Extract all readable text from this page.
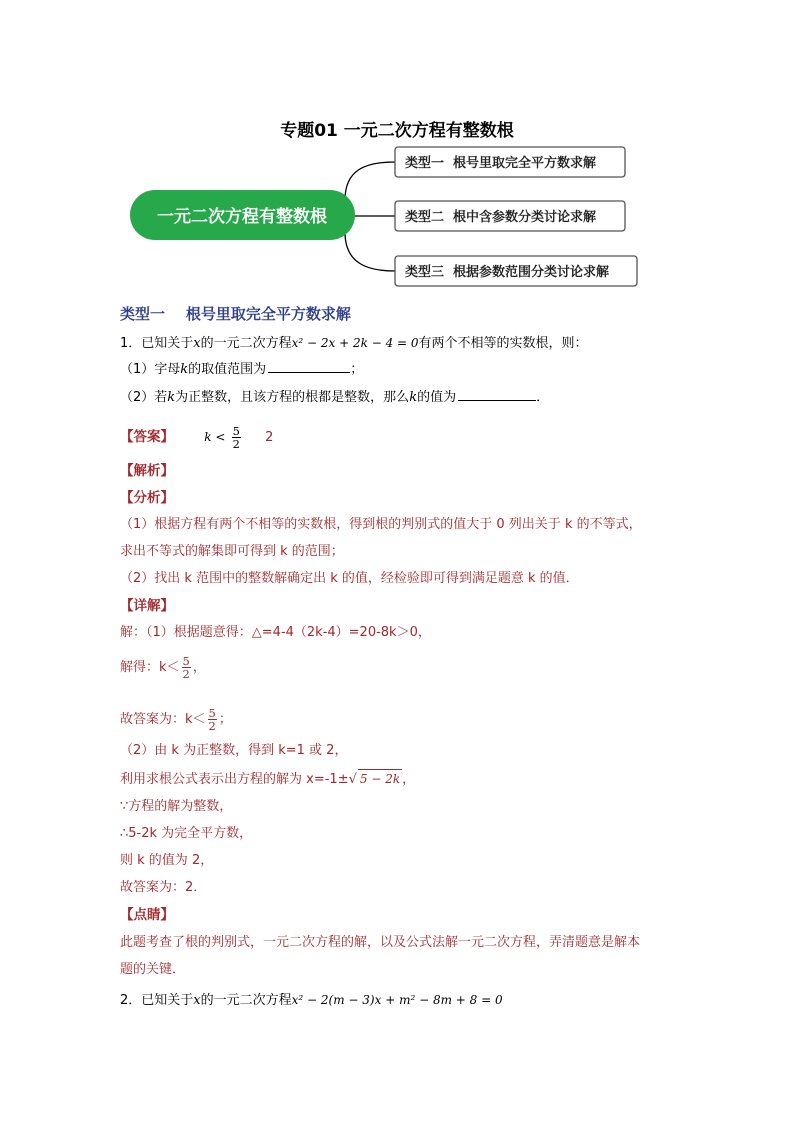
专题01 一元二次方程有整数根
一元二次方程有整数根
类型一  根号里取完全平方数求解
类型二  根中含参数分类讨论求解
类型三  根据参数范围分类讨论求解
类型一    根号里取完全平方数求解
1．已知关于x的一元二次方程x² − 2x + 2k − 4 = 0有两个不相等的实数根，则：
（1）字母k的取值范围为	；
（2）若k为正整数，且该方程的根都是整数，那么k的值为	．
【答案】	$k < \frac{5}{2} 2$
【解析】
【分析】
（1）根据方程有两个不相等的实数根，得到根的判别式的值大于 0 列出关于 k 的不等式，
求出不等式的解集即可得到 k 的范围；
（2）找出 k 范围中的整数解确定出 k 的值，经检验即可得到满足题意 k 的值．
【详解】
解：（1）根据题意得：△=4-4（2k-4）=20-8k＞0，
解得：$k< \frac{5}{2}$ ，
故答案为：$k< \frac{5}{2}$ ；
（2）由 k 为正整数，得到 k=1 或 2，
利用求根公式表示出方程的解为 x=-1±√ 5 − 2k ，
∵方程的解为整数，
∴5-2k 为完全平方数，
则 k 的值为 2，
故答案为：2．
【点睛】
此题考查了根的判别式，一元二次方程的解，以及公式法解一元二次方程，弄清题意是解本
题的关键．
2．已知关于x的一元二次方程x² − 2(m − 3)x + m² − 8m + 8 = 0
